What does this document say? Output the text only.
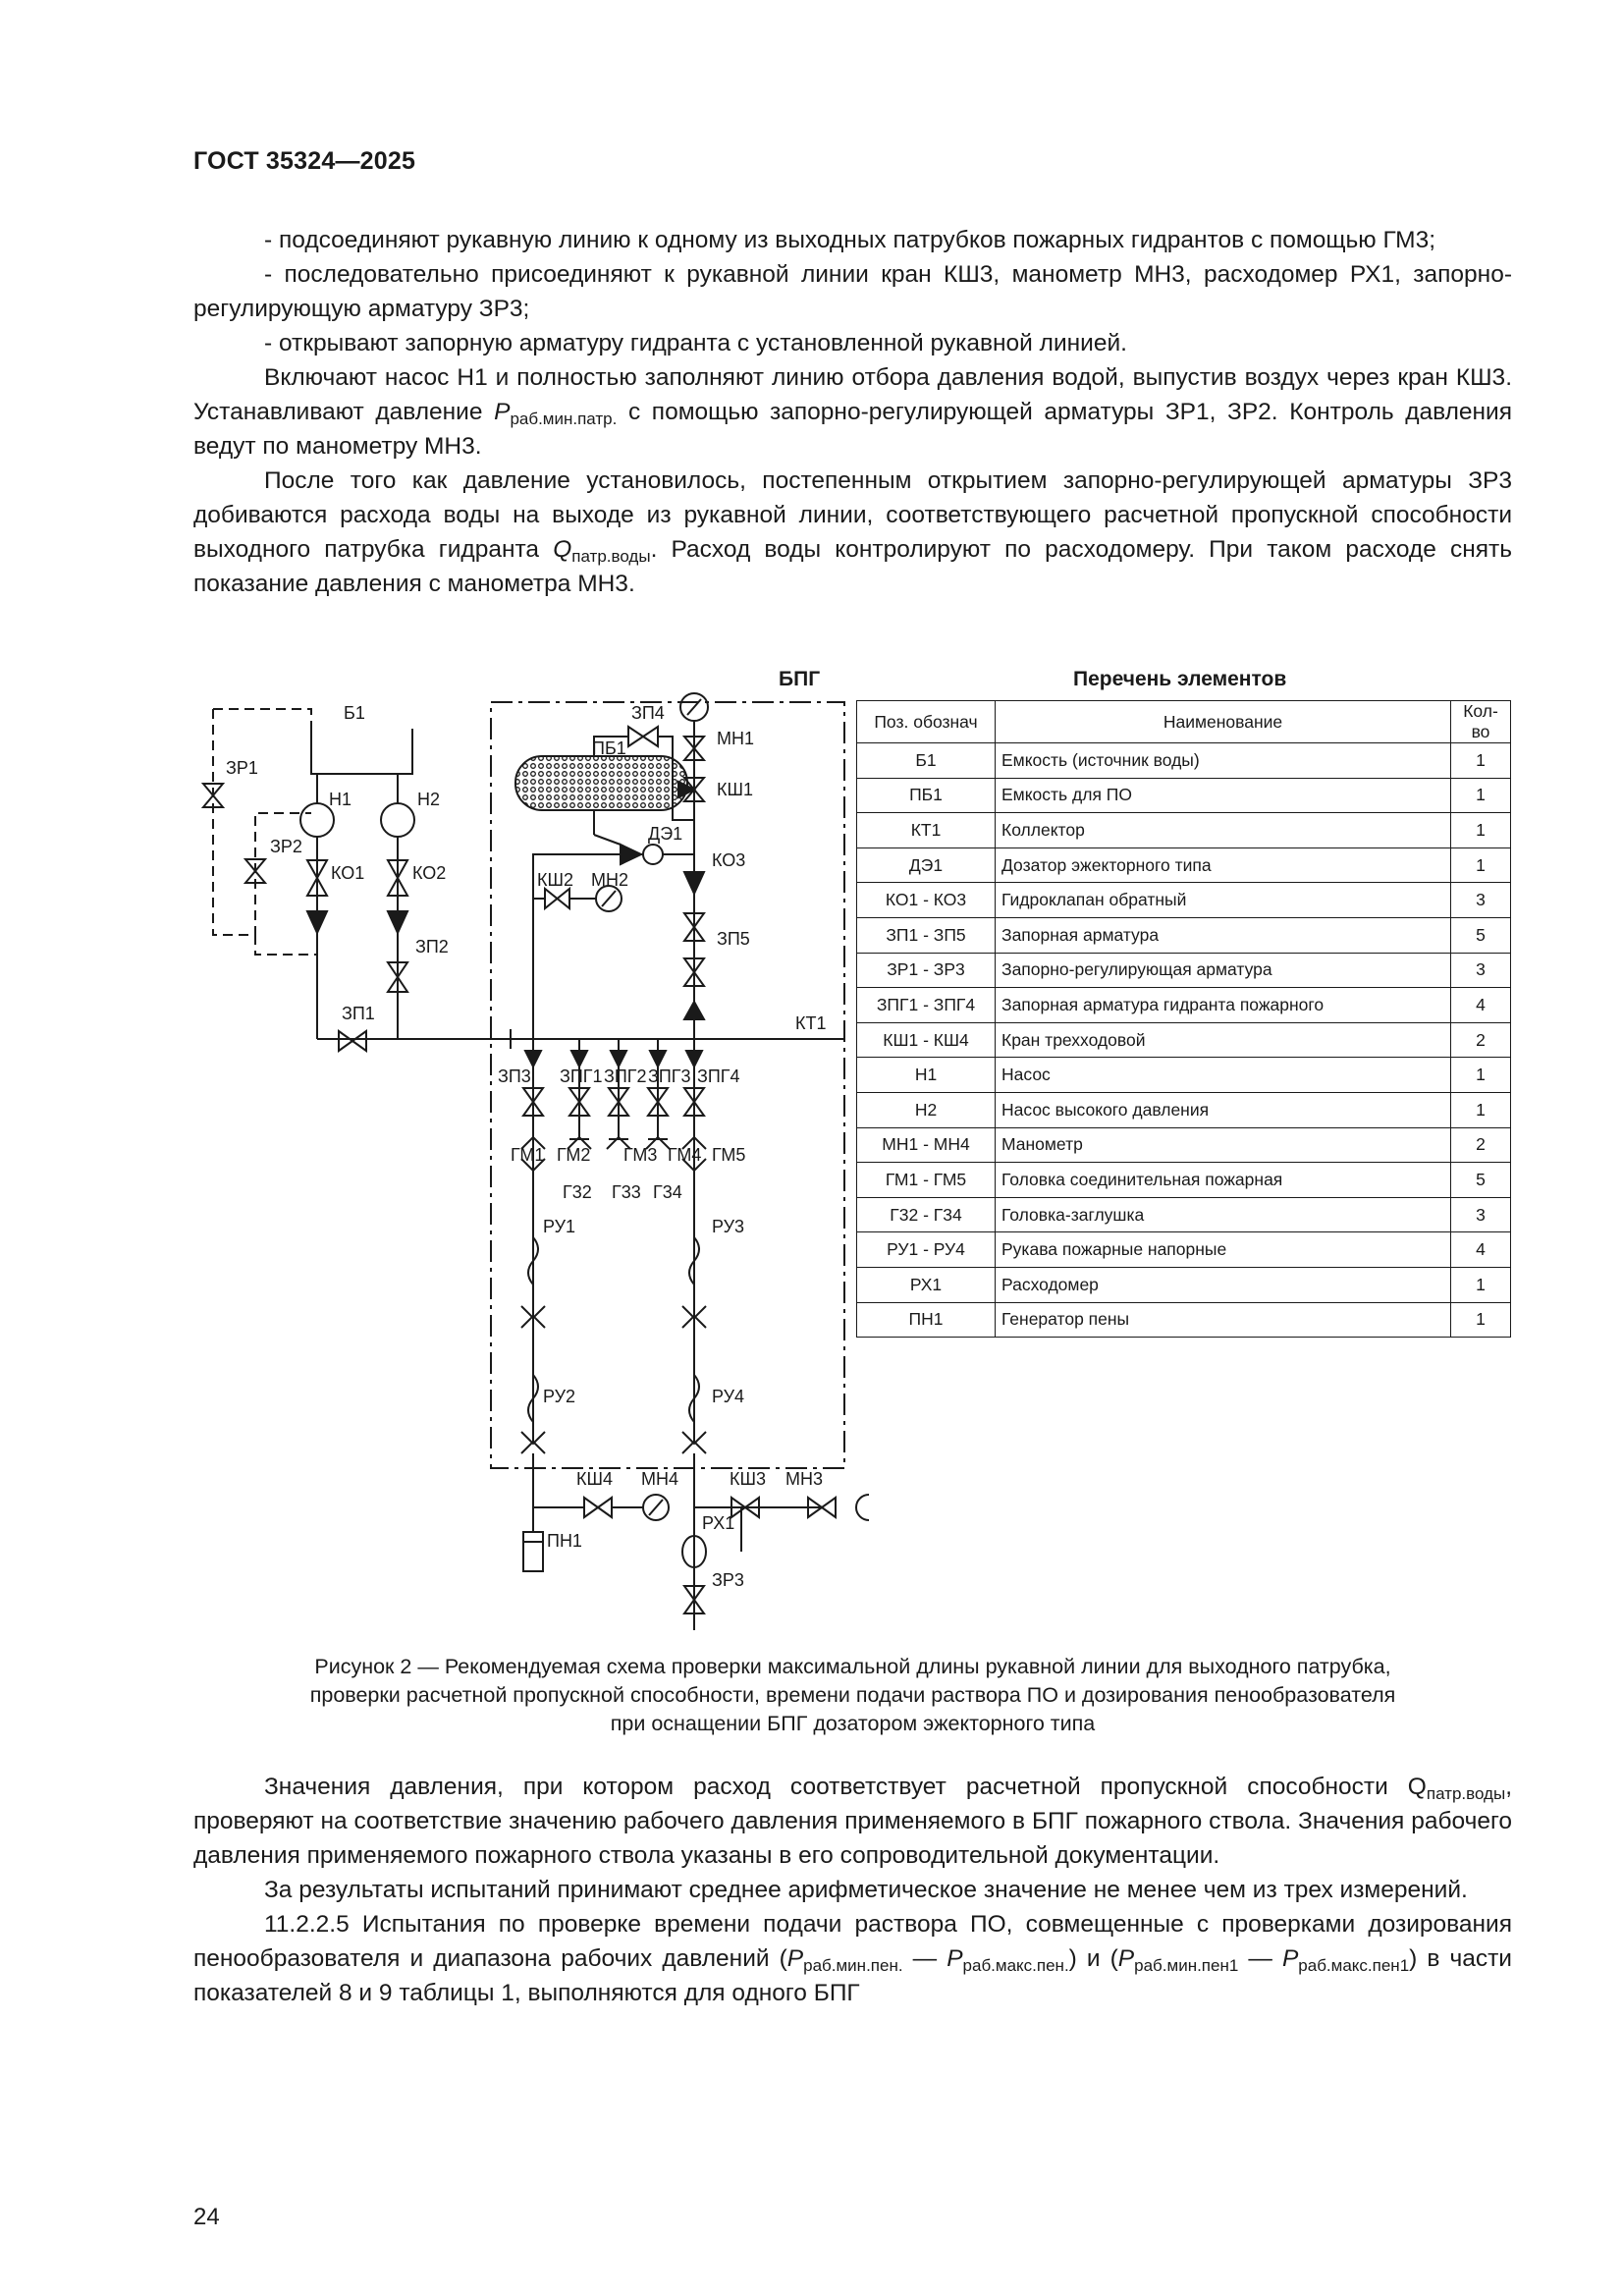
ГОСТ 35324—2025

- подсоединяют рукавную линию к одному из выходных патрубков пожарных гидрантов с помощью ГМ3;

- последовательно присоединяют к рукавной линии кран КШ3, манометр МН3, расходомер РХ1, запорно-регулирующую арматуру ЗР3;

- открывают запорную арматуру гидранта с установленной рукавной линией.

Включают насос Н1 и полностью заполняют линию отбора давления водой, выпустив воздух через кран КШ3. Устанавливают давление $Р_{раб.мин.патр.}$ с помощью запорно-регулирующей арматуры ЗР1, ЗР2. Контроль давления ведут по манометру МН3.

После того как давление установилось, постепенным открытием запорно-регулирующей арматуры ЗР3 добиваются расхода воды на выходе из рукавной линии, соответствующего расчетной пропускной способности выходного патрубка гидранта $Q_{патр.воды}$. Расход воды контролируют по расходомеру. При таком расходе снять показание давления с манометра МН3.

БПГ	Перечень элементов
Б1
ЗР1
ЗР2
Н1	Н2
КО1	КО2
ЗП2
ЗП1
ЗП4
ПБ1	МН1
КШ1
ДЭ1
КО3
КШ2 МН2
ЗП5
КТ1
ЗП3 ЗПГ1 ЗПГ2 ЗПГ3 ЗПГ4
ГМ1 ГМ2 ГМ3 ГМ4 ГМ5
Г32 Г33 Г34
РУ1	РУ3
РУ2	РУ4
КШ4 МН4
ПН1
КШ3 МН3
РХ1
ЗР3
Поз. обознач	Наименование	Кол-во
Б1	Емкость (источник воды)	1
ПБ1	Емкость для ПО	1
КТ1	Коллектор	1
ДЭ1	Дозатор эжекторного типа	1
КО1 - КО3	Гидроклапан обратный	3
ЗП1 - ЗП5	Запорная арматура	5
ЗР1 - ЗР3	Запорно-регулирующая арматура	3
ЗПГ1 - ЗПГ4	Запорная арматура гидранта пожарного	4
КШ1 - КШ4	Кран трехходовой	2
Н1	Насос	1
Н2	Насос высокого давления	1
МН1 - МН4	Манометр	2
ГМ1 - ГМ5	Головка соединительная пожарная	5
Г32 - Г34	Головка-заглушка	3
РУ1 - РУ4	Рукава пожарные напорные	4
РХ1	Расходомер	1
ПН1	Генератор пены	1

Рисунок 2 — Рекомендуемая схема проверки максимальной длины рукавной линии для выходного патрубка,

проверки расчетной пропускной способности, времени подачи раствора ПО и дозирования пенообразователя

при оснащении БПГ дозатором эжекторного типа

Значения давления, при котором расход соответствует расчетной пропускной способности $Q_{патр.воды}$, проверяют на соответствие значению рабочего давления применяемого в БПГ пожарного ствола. Значения рабочего давления применяемого пожарного ствола указаны в его сопроводительной документации.

За результаты испытаний принимают среднее арифметическое значение не менее чем из трех измерений.

11.2.2.5 Испытания по проверке времени подачи раствора ПО, совмещенные с проверками дозирования пенообразователя и диапазона рабочих давлений ($Р_{раб.мин.пен.}$ — $Р_{раб.макс.пен.}$) и ($Р_{раб.мин.пен1}$ — $Р_{раб.макс.пен1}$) в части показателей 8 и 9 таблицы 1, выполняются для одного БПГ

24
